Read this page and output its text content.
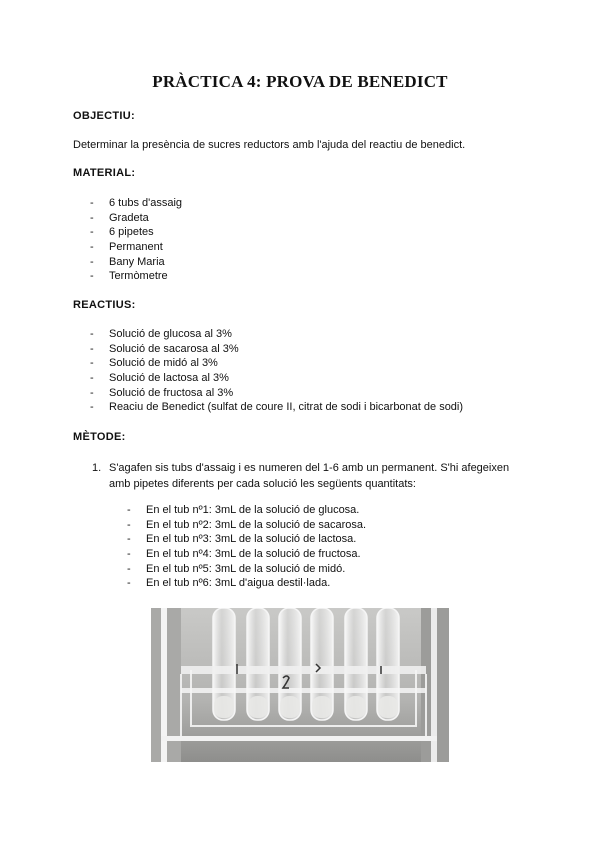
PRÀCTICA 4: PROVA DE BENEDICT
OBJECTIU:
Determinar la presència de sucres reductors amb l'ajuda del reactiu de benedict.
MATERIAL:
- 6 tubs d'assaig
- Gradeta
- 6 pipetes
- Permanent
- Bany Maria
- Termòmetre
REACTIUS:
- Solució de glucosa al 3%
- Solució de sacarosa al 3%
- Solució de midó al 3%
- Solució de lactosa al 3%
- Solució de fructosa al 3%
- Reaciu de Benedict (sulfat de coure II, citrat de sodi i bicarbonat de sodi)
MÈTODE:
1. S'agafen sis tubs d'assaig i es numeren del 1-6 amb un permanent. S'hi afegeixen amb pipetes diferents per cada solució les següents quantitats:
- En el tub nº1: 3mL de la solució de glucosa.
- En el tub nº2: 3mL de la solució de sacarosa.
- En el tub nº3: 3mL de la solució de lactosa.
- En el tub nº4: 3mL de la solució de fructosa.
- En el tub nº5: 3mL de la solució de midó.
- En el tub nº6: 3mL d'aigua destil·lada.
